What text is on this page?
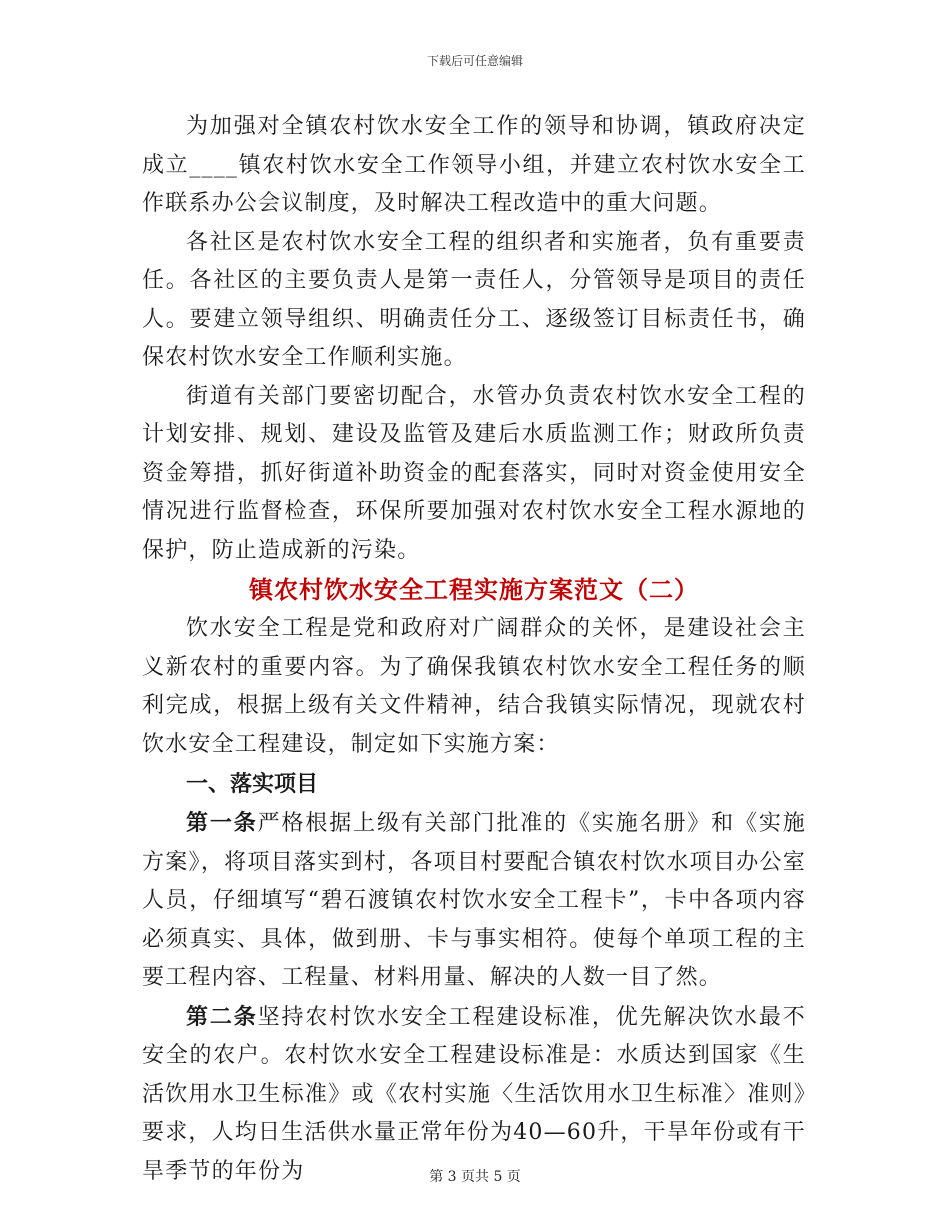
下载后可任意编辑

为加强对全镇农村饮水安全工作的领导和协调，镇政府决定成立____镇农村饮水安全工作领导小组，并建立农村饮水安全工作联系办公会议制度，及时解决工程改造中的重大问题。

各社区是农村饮水安全工程的组织者和实施者，负有重要责任。各社区的主要负责人是第一责任人，分管领导是项目的责任人。要建立领导组织、明确责任分工、逐级签订目标责任书，确保农村饮水安全工作顺利实施。

街道有关部门要密切配合，水管办负责农村饮水安全工程的计划安排、规划、建设及监管及建后水质监测工作；财政所负责资金筹措，抓好街道补助资金的配套落实，同时对资金使用安全情况进行监督检查，环保所要加强对农村饮水安全工程水源地的保护，防止造成新的污染。

镇农村饮水安全工程实施方案范文（二）

饮水安全工程是党和政府对广阔群众的关怀，是建设社会主义新农村的重要内容。为了确保我镇农村饮水安全工程任务的顺利完成，根据上级有关文件精神，结合我镇实际情况，现就农村饮水安全工程建设，制定如下实施方案：

一、落实项目

第一条严格根据上级有关部门批准的《实施名册》和《实施方案》，将项目落实到村，各项目村要配合镇农村饮水项目办公室人员，仔细填写“碧石渡镇农村饮水安全工程卡”，卡中各项内容必须真实、具体，做到册、卡与事实相符。使每个单项工程的主要工程内容、工程量、材料用量、解决的人数一目了然。

第二条坚持农村饮水安全工程建设标准，优先解决饮水最不安全的农户。农村饮水安全工程建设标准是：水质达到国家《生活饮用水卫生标准》或《农村实施〈生活饮用水卫生标准〉准则》要求，人均日生活供水量正常年份为40—60升，干旱年份或有干旱季节的年份为	第 3 页共 5 页
